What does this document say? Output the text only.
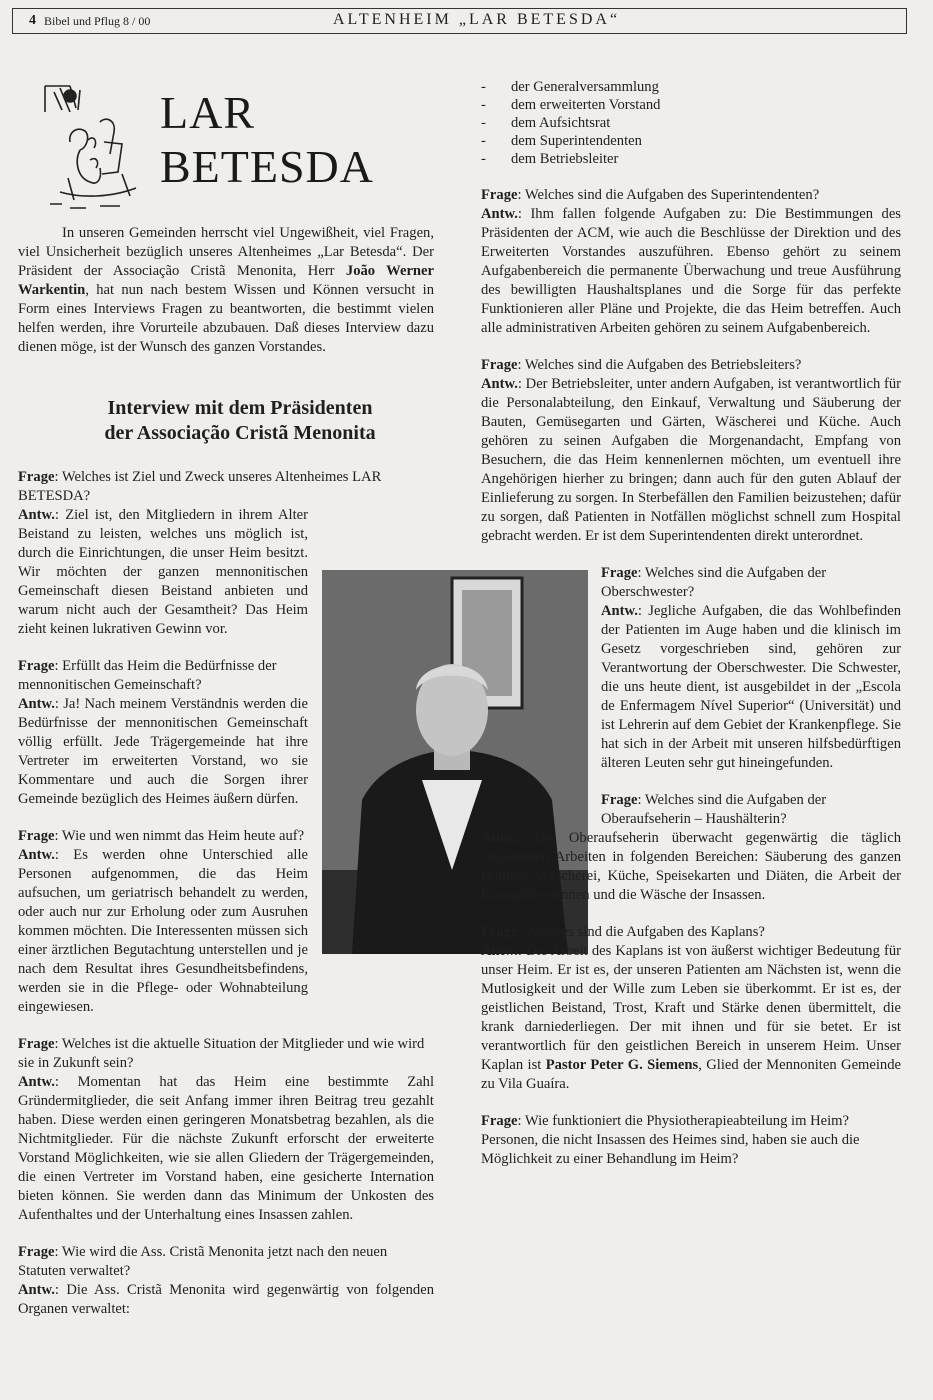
4 Bibel und Pflug 8 / 00	ALTENHEIM „LAR BETESDA“
LAR
BETESDA
In unseren Gemeinden herrscht viel Ungewißheit, viel Fragen, viel Unsicherheit bezüglich unseres Altenheimes „Lar Betesda“. Der Präsident der Associação Cristã Menonita, Herr João Werner Warkentin, hat nun nach bestem Wissen und Können versucht in Form eines Interviews Fragen zu beantworten, die bestimmt vielen helfen werden, ihre Vorurteile abzubauen. Daß dieses Interview dazu dienen möge, ist der Wunsch des ganzen Vorstandes.
Interview mit dem Präsidenten
der Associação Cristã Menonita
Frage: Welches ist Ziel und Zweck unseres Altenheimes LAR BETESDA?
Antw.: Ziel ist, den Mitgliedern in ihrem Alter Beistand zu leisten, welches uns möglich ist, durch die Einrichtungen, die unser Heim besitzt. Wir möchten der ganzen mennonitischen Gemeinschaft diesen Beistand anbieten und warum nicht auch der Gesamtheit? Das Heim zieht keinen lukrativen Gewinn vor.
Frage: Erfüllt das Heim die Bedürfnisse der mennonitischen Gemeinschaft?
Antw.: Ja! Nach meinem Verständnis werden die Bedürfnisse der mennonitischen Gemeinschaft völlig erfüllt. Jede Trägergemeinde hat ihre Vertreter im erweiterten Vorstand, wo sie Kommentare und auch die Sorgen ihrer Gemeinde bezüglich des Heimes äußern dürfen.
Frage: Wie und wen nimmt das Heim heute auf?
Antw.: Es werden ohne Unterschied alle Personen aufgenommen, die das Heim aufsuchen, um geriatrisch behandelt zu werden, oder auch nur zur Erholung oder zum Ausruhen kommen möchten. Die Interessenten müssen sich einer ärztlichen Begutachtung unterstellen und je nach dem Resultat ihres Gesundheitsbefindens, werden sie in die Pflege- oder Wohnabteilung eingewiesen.
Frage: Welches ist die aktuelle Situation der Mitglieder und wie wird sie in Zukunft sein?
Antw.: Momentan hat das Heim eine bestimmte Zahl Gründermitglieder, die seit Anfang immer ihren Beitrag treu gezahlt haben. Diese werden einen geringeren Monatsbetrag bezahlen, als die Nichtmitglieder. Für die nächste Zukunft erforscht der erweiterte Vorstand Möglichkeiten, wie sie allen Gliedern der Trägergemeinden, die einen Vertreter im Vorstand haben, eine gesicherte Internation bieten können. Sie werden dann das Minimum der Unkosten des Aufenthaltes und der Unterhaltung eines Insassen zahlen.
Frage: Wie wird die Ass. Cristã Menonita jetzt nach den neuen Statuten verwaltet?
Antw.: Die Ass. Cristã Menonita wird gegenwärtig von folgenden Organen verwaltet:
- der Generalversammlung
- dem erweiterten Vorstand
- dem Aufsichtsrat
- dem Superintendenten
- dem Betriebsleiter
Frage: Welches sind die Aufgaben des Superintendenten?
Antw.: Ihm fallen folgende Aufgaben zu: Die Bestimmungen des Präsidenten der ACM, wie auch die Beschlüsse der Direktion und des Erweiterten Vorstandes auszuführen. Ebenso gehört zu seinem Aufgabenbereich die permanente Überwachung und treue Ausführung des bewilligten Haushaltsplanes und die Sorge für das perfekte Funktionieren aller Pläne und Projekte, die das Heim betreffen. Auch alle administrativen Arbeiten gehören zu seinem Aufgabenbereich.
Frage: Welches sind die Aufgaben des Betriebsleiters?
Antw.: Der Betriebsleiter, unter andern Aufgaben, ist verantwortlich für die Personalabteilung, den Einkauf, Verwaltung und Säuberung der Bauten, Gemüsegarten und Gärten, Wäscherei und Küche. Auch gehören zu seinen Aufgaben die Morgenandacht, Empfang von Besuchern, die das Heim kennenlernen möchten, um eventuell ihre Angehörigen hierher zu bringen; dann auch für den guten Ablauf der Einlieferung zu sorgen. In Sterbefällen den Familien beizustehen; dafür zu sorgen, daß Patienten in Notfällen möglichst schnell zum Hospital gebracht werden. Er ist dem Superintendenten direkt unterordnet.
Frage: Welches sind die Aufgaben der Oberschwester?
Antw.: Jegliche Aufgaben, die das Wohlbefinden der Patienten im Auge haben und die klinisch im Gesetz vorgeschrieben sind, gehören zur Verantwortung der Oberschwester. Die Schwester, die uns heute dient, ist ausgebildet in der „Escola de Enfermagem Nível Superior“ (Universität) und ist Lehrerin auf dem Gebiet der Krankenpflege. Sie hat sich in der Arbeit mit unseren hilfsbedürftigen älteren Leuten sehr gut hineingefunden.
Frage: Welches sind die Aufgaben der Oberaufseherin – Haushälterin?
Antw.: Die Oberaufseherin überwacht gegenwärtig die täglich anfallenden Arbeiten in folgenden Bereichen: Säuberung des ganzen Heimes, Wäscherei, Küche, Speisekarten und Diäten, die Arbeit der Raumpflegerinnen und die Wäsche der Insassen.
Frage: Welches sind die Aufgaben des Kaplans?
Antw.: Die Arbeit des Kaplans ist von äußerst wichtiger Bedeutung für unser Heim. Er ist es, der unseren Patienten am Nächsten ist, wenn die Mutlosigkeit und der Wille zum Leben sie überkommt. Er ist es, der geistlichen Beistand, Trost, Kraft und Stärke denen übermittelt, die krank darniederliegen. Der mit ihnen und für sie betet. Er ist verantwortlich für den geistlichen Bereich in unserem Heim. Unser Kaplan ist Pastor Peter G. Siemens, Glied der Mennoniten Gemeinde zu Vila Guaíra.
Frage: Wie funktioniert die Physiotherapieabteilung im Heim? Personen, die nicht Insassen des Heimes sind, haben sie auch die Möglichkeit zu einer Behandlung im Heim?
